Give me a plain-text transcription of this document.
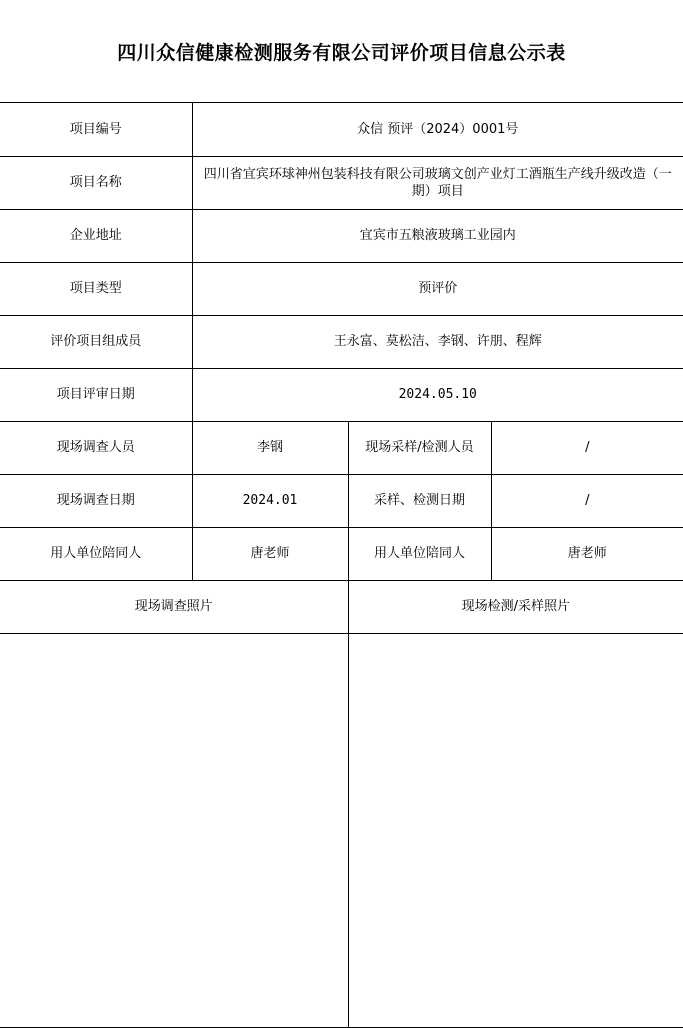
四川众信健康检测服务有限公司评价项目信息公示表
项目编号	众信 预评（2024）0001号		
项目名称	四川省宜宾环球神州包装科技有限公司玻璃文创产业灯工酒瓶生产线升级改造（一期）项目		
企业地址	宜宾市五粮液玻璃工业园内		
项目类型	预评价		
评价项目组成员	王永富、莫松洁、李钢、许朋、程辉		
项目评审日期	2024.05.10		
现场调查人员	李钢	现场采样/检测人员	/
现场调查日期	2024.01	采样、检测日期	/
用人单位陪同人	唐老师	用人单位陪同人	唐老师
现场调查照片		现场检测/采样照片	
